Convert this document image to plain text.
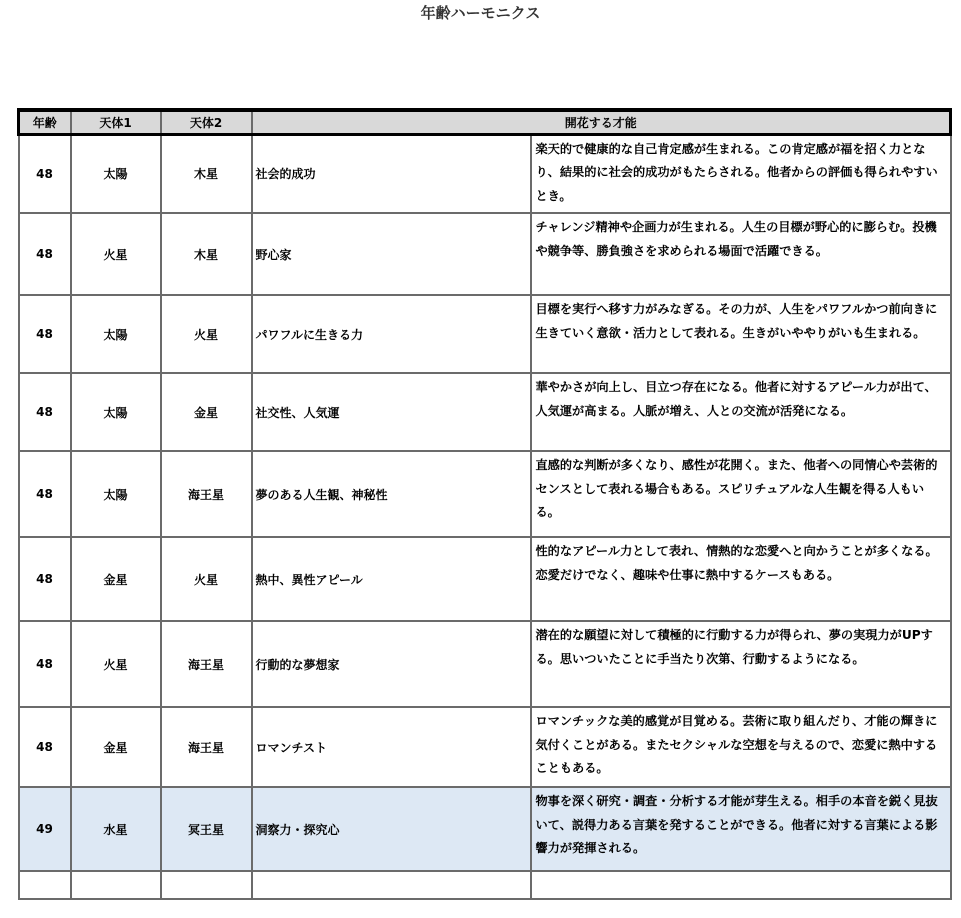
年齢ハーモニクス
年齢	天体1	天体2	開花する才能	
48	太陽	木星	社会的成功	楽天的で健康的な自己肯定感が生まれる。この肯定感が福を招く力となり、結果的に社会的成功がもたらされる。他者からの評価も得られやすいとき。
48	火星	木星	野心家	チャレンジ精神や企画力が生まれる。人生の目標が野心的に膨らむ。投機や競争等、勝負強さを求められる場面で活躍できる。
48	太陽	火星	パワフルに生きる力	目標を実行へ移す力がみなぎる。その力が、人生をパワフルかつ前向きに生きていく意欲・活力として表れる。生きがいややりがいも生まれる。
48	太陽	金星	社交性、人気運	華やかさが向上し、目立つ存在になる。他者に対するアピール力が出て、人気運が高まる。人脈が増え、人との交流が活発になる。
48	太陽	海王星	夢のある人生観、神秘性	直感的な判断が多くなり、感性が花開く。また、他者への同情心や芸術的センスとして表れる場合もある。スピリチュアルな人生観を得る人もいる。
48	金星	火星	熱中、異性アピール	性的なアピール力として表れ、情熱的な恋愛へと向かうことが多くなる。恋愛だけでなく、趣味や仕事に熱中するケースもある。
48	火星	海王星	行動的な夢想家	潜在的な願望に対して積極的に行動する力が得られ、夢の実現力がUPする。思いついたことに手当たり次第、行動するようになる。
48	金星	海王星	ロマンチスト	ロマンチックな美的感覚が目覚める。芸術に取り組んだり、才能の輝きに気付くことがある。またセクシャルな空想を与えるので、恋愛に熱中することもある。
49	水星	冥王星	洞察力・探究心	物事を深く研究・調査・分析する才能が芽生える。相手の本音を鋭く見抜いて、説得力ある言葉を発することができる。他者に対する言葉による影響力が発揮される。
